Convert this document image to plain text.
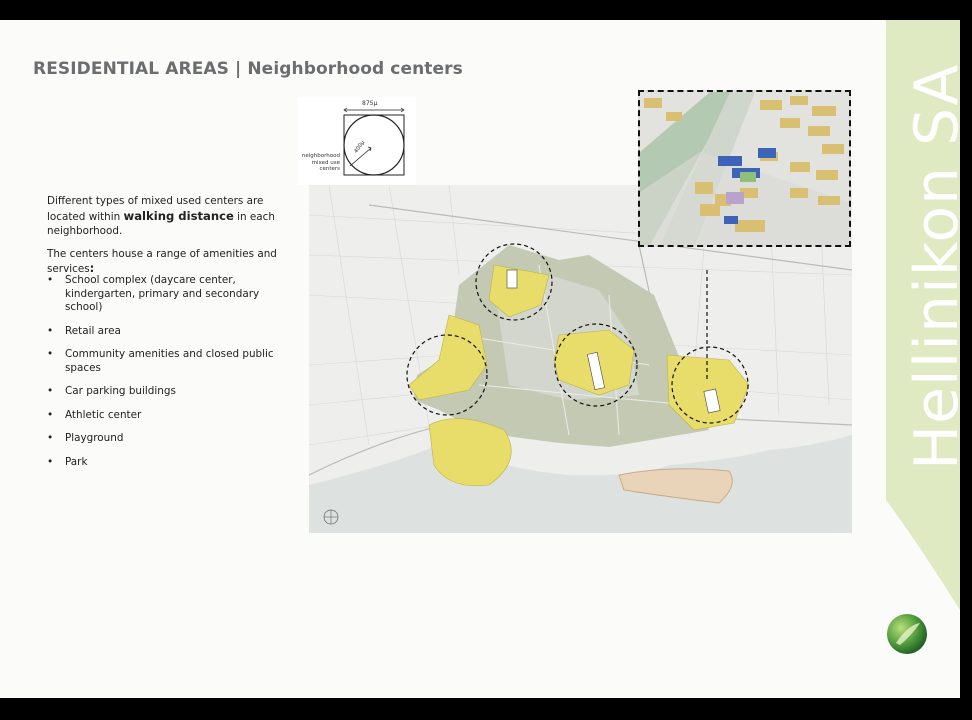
RESIDENTIAL AREAS | Neighborhood centers

Different types of mixed used centers are located within walking distance in each neighborhood.

The centers house a range of amenities and services:

• School complex (daycare center, kindergarten, primary and secondary school)
• Retail area
• Community amenities and closed public spaces
• Car parking buildings
• Athletic center
• Playground
• Park
875μ
400μ
neighborhood mixed use centers	Hellinikon SA
